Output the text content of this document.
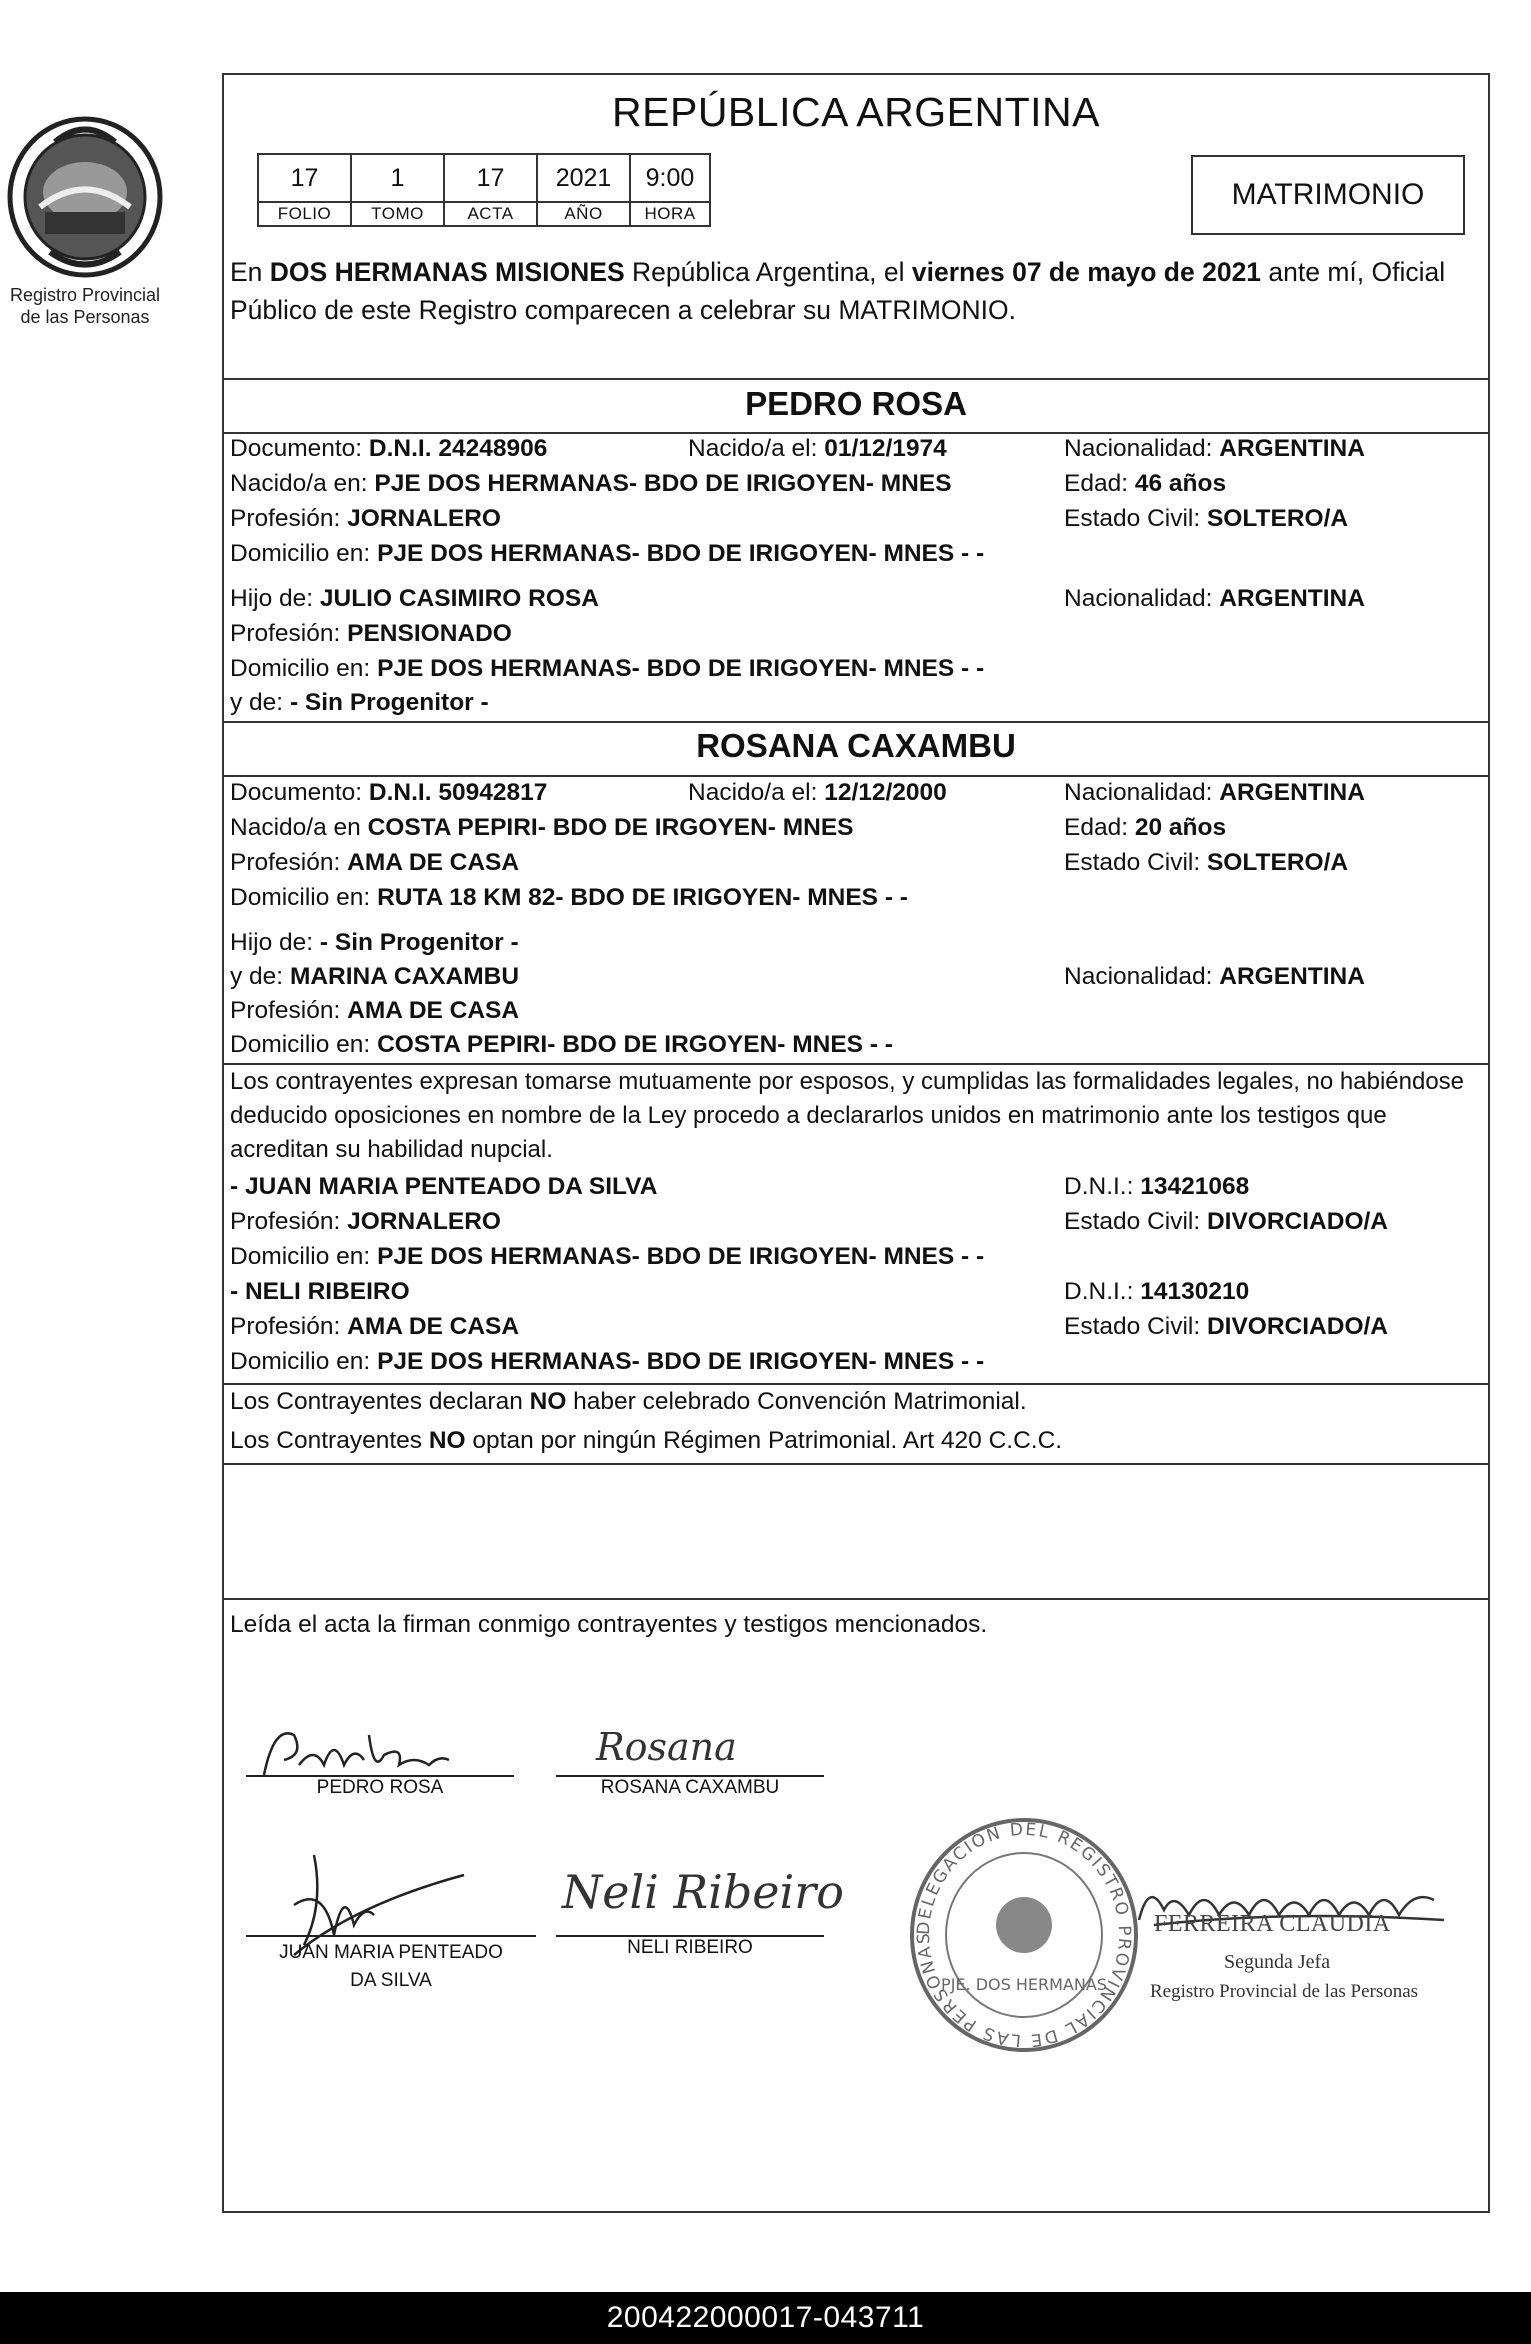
Registro Provincial
de las Personas
REPÚBLICA ARGENTINA
17	1	17	2021	9:00
FOLIO	TOMO	ACTA	AÑO	HORA
MATRIMONIO
En DOS HERMANAS MISIONES República Argentina, el viernes 07 de mayo de 2021 ante mí, Oficial Público de este Registro comparecen a celebrar su MATRIMONIO.
PEDRO ROSA
Documento: D.N.I. 24248906	Nacido/a el: 01/12/1974	Nacionalidad: ARGENTINA
Nacido/a en: PJE DOS HERMANAS- BDO DE IRIGOYEN- MNES	Edad: 46 años
Profesión: JORNALERO	Estado Civil: SOLTERO/A
Domicilio en: PJE DOS HERMANAS- BDO DE IRIGOYEN- MNES - -
Hijo de: JULIO CASIMIRO ROSA	Nacionalidad: ARGENTINA
Profesión: PENSIONADO
Domicilio en: PJE DOS HERMANAS- BDO DE IRIGOYEN- MNES - -
y de: - Sin Progenitor -
ROSANA CAXAMBU
Documento: D.N.I. 50942817	Nacido/a el: 12/12/2000	Nacionalidad: ARGENTINA
Nacido/a en COSTA PEPIRI- BDO DE IRGOYEN- MNES	Edad: 20 años
Profesión: AMA DE CASA	Estado Civil: SOLTERO/A
Domicilio en: RUTA 18 KM 82- BDO DE IRIGOYEN- MNES - -
Hijo de: - Sin Progenitor -
y de: MARINA CAXAMBU	Nacionalidad: ARGENTINA
Profesión: AMA DE CASA
Domicilio en: COSTA PEPIRI- BDO DE IRGOYEN- MNES - -
Los contrayentes expresan tomarse mutuamente por esposos, y cumplidas las formalidades legales, no habiéndose deducido oposiciones en nombre de la Ley procedo a declararlos unidos en matrimonio ante los testigos que acreditan su habilidad nupcial.
- JUAN MARIA PENTEADO DA SILVA	D.N.I.: 13421068
Profesión: JORNALERO	Estado Civil: DIVORCIADO/A
Domicilio en: PJE DOS HERMANAS- BDO DE IRIGOYEN- MNES - -
- NELI RIBEIRO	D.N.I.: 14130210
Profesión: AMA DE CASA	Estado Civil: DIVORCIADO/A
Domicilio en: PJE DOS HERMANAS- BDO DE IRIGOYEN- MNES - -
Los Contrayentes declaran NO haber celebrado Convención Matrimonial.
Los Contrayentes NO optan por ningún Régimen Patrimonial. Art 420 C.C.C.
Leída el acta la firman conmigo contrayentes y testigos mencionados.
PEDRO ROSA
Rosana
ROSANA CAXAMBU
JUAN MARIA PENTEADO
DA SILVA
Neli Ribeiro
NELI RIBEIRO
DELEGACION DEL REGISTRO PROVINCIAL DE LAS PERSONAS
PJE. DOS HERMANAS
FERREIRA CLAUDIA
Segunda Jefa
Registro Provincial de las Personas
200422000017-043711
